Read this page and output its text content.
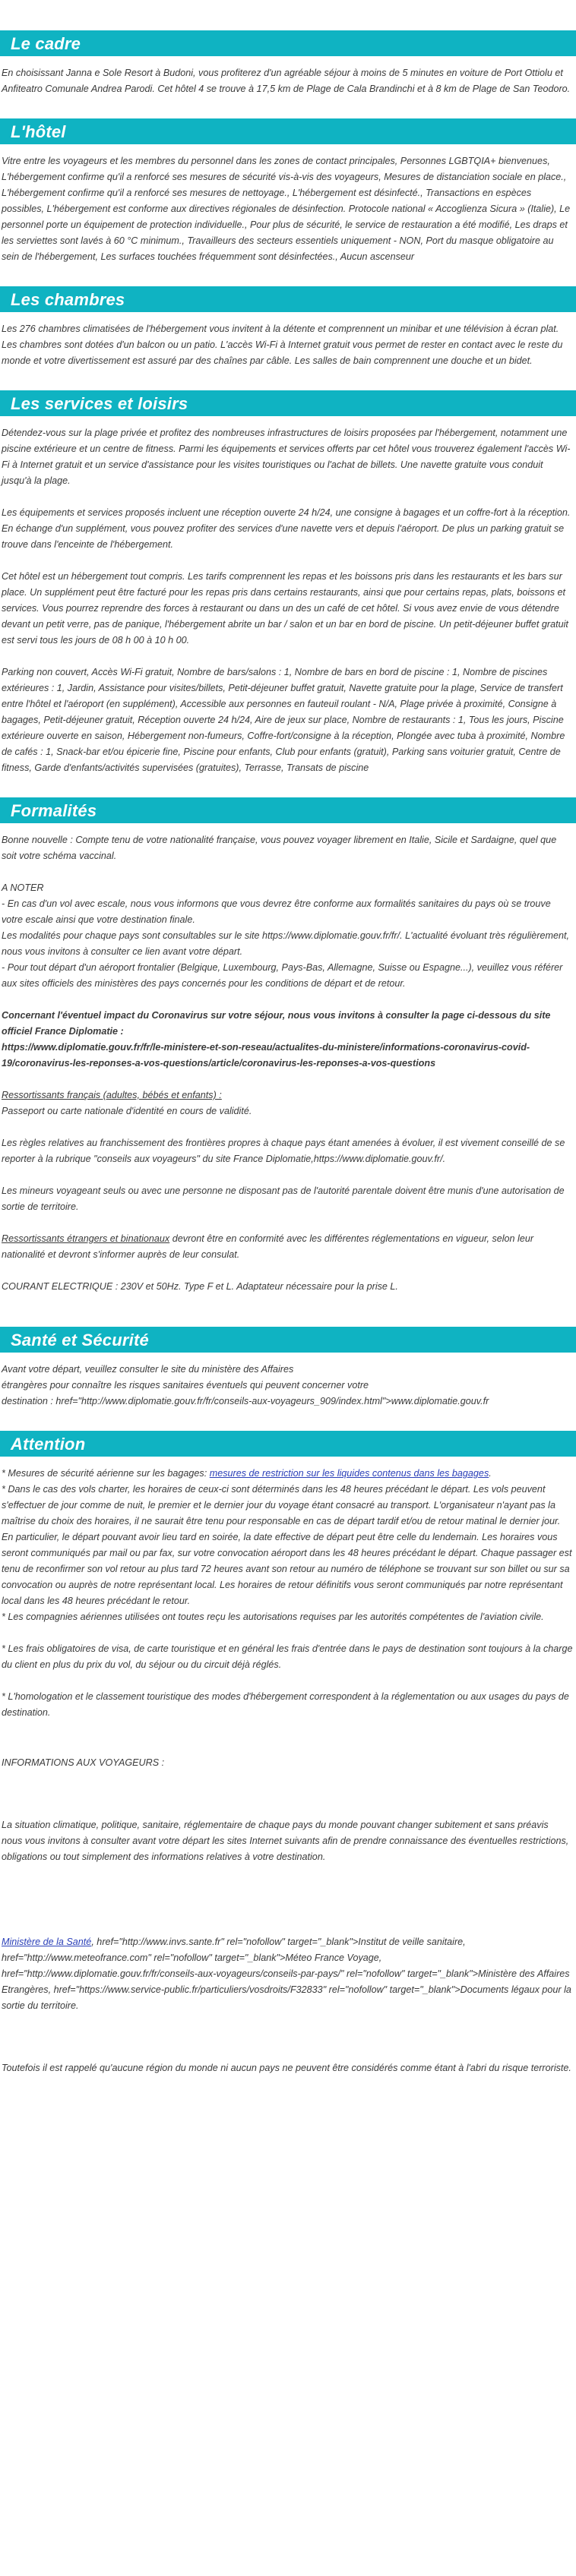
Le cadre

En choisissant Janna e Sole Resort à Budoni, vous profiterez d'un agréable séjour à moins de 5 minutes en voiture de Port Ottiolu et Anfiteatro Comunale Andrea Parodi. Cet hôtel 4 se trouve à 17,5 km de Plage de Cala Brandinchi et à 8 km de Plage de San Teodoro.

L'hôtel

Vitre entre les voyageurs et les membres du personnel dans les zones de contact principales, Personnes LGBTQIA+ bienvenues, L'hébergement confirme qu'il a renforcé ses mesures de sécurité vis-à-vis des voyageurs, Mesures de distanciation sociale en place., L'hébergement confirme qu'il a renforcé ses mesures de nettoyage., L'hébergement est désinfecté., Transactions en espèces possibles, L'hébergement est conforme aux directives régionales de désinfection. Protocole national « Accoglienza Sicura » (Italie), Le personnel porte un équipement de protection individuelle., Pour plus de sécurité, le service de restauration a été modifié, Les draps et les serviettes sont lavés à 60 °C minimum., Travailleurs des secteurs essentiels uniquement - NON, Port du masque obligatoire au sein de l'hébergement, Les surfaces touchées fréquemment sont désinfectées., Aucun ascenseur

Les chambres

Les 276 chambres climatisées de l'hébergement vous invitent à la détente et comprennent un minibar et une télévision à écran plat. Les chambres sont dotées d'un balcon ou un patio. L'accès Wi-Fi à Internet gratuit vous permet de rester en contact avec le reste du monde et votre divertissement est assuré par des chaînes par câble. Les salles de bain comprennent une douche et un bidet.

Les services et loisirs

Détendez-vous sur la plage privée et profitez des nombreuses infrastructures de loisirs proposées par l'hébergement, notamment une piscine extérieure et un centre de fitness. Parmi les équipements et services offerts par cet hôtel vous trouverez également l'accès Wi-Fi à Internet gratuit et un service d'assistance pour les visites touristiques ou l'achat de billets. Une navette gratuite vous conduit jusqu'à la plage.

Les équipements et services proposés incluent une réception ouverte 24 h/24, une consigne à bagages et un coffre-fort à la réception. En échange d'un supplément, vous pouvez profiter des services d'une navette vers et depuis l'aéroport. De plus un parking gratuit se trouve dans l'enceinte de l'hébergement.

Cet hôtel est un hébergement tout compris. Les tarifs comprennent les repas et les boissons pris dans les restaurants et les bars sur place. Un supplément peut être facturé pour les repas pris dans certains restaurants, ainsi que pour certains repas, plats, boissons et services. Vous pourrez reprendre des forces à restaurant ou dans un des un café de cet hôtel. Si vous avez envie de vous détendre devant un petit verre, pas de panique, l'hébergement abrite un bar / salon et un bar en bord de piscine. Un petit-déjeuner buffet gratuit est servi tous les jours de 08 h 00 à 10 h 00.

Parking non couvert, Accès Wi-Fi gratuit, Nombre de bars/salons : 1, Nombre de bars en bord de piscine : 1, Nombre de piscines extérieures : 1, Jardin, Assistance pour visites/billets, Petit-déjeuner buffet gratuit, Navette gratuite pour la plage, Service de transfert entre l'hôtel et l'aéroport (en supplément), Accessible aux personnes en fauteuil roulant - N/A, Plage privée à proximité, Consigne à bagages, Petit-déjeuner gratuit, Réception ouverte 24 h/24, Aire de jeux sur place, Nombre de restaurants : 1, Tous les jours, Piscine extérieure ouverte en saison, Hébergement non-fumeurs, Coffre-fort/consigne à la réception, Plongée avec tuba à proximité, Nombre de cafés : 1, Snack-bar et/ou épicerie fine, Piscine pour enfants, Club pour enfants (gratuit), Parking sans voiturier gratuit, Centre de fitness, Garde d'enfants/activités supervisées (gratuites), Terrasse, Transats de piscine

Formalités

Bonne nouvelle : Compte tenu de votre nationalité française, vous pouvez voyager librement en Italie, Sicile et Sardaigne, quel que soit votre schéma vaccinal.

A NOTER
- En cas d'un vol avec escale, nous vous informons que vous devrez être conforme aux formalités sanitaires du pays où se trouve votre escale ainsi que votre destination finale.
Les modalités pour chaque pays sont consultables sur le site https://www.diplomatie.gouv.fr/fr/. L'actualité évoluant très régulièrement, nous vous invitons à consulter ce lien avant votre départ.
- Pour tout départ d'un aéroport frontalier (Belgique, Luxembourg, Pays-Bas, Allemagne, Suisse ou Espagne...), veuillez vous référer aux sites officiels des ministères des pays concernés pour les conditions de départ et de retour.

Concernant l'éventuel impact du Coronavirus sur votre séjour, nous vous invitons à consulter la page ci-dessous du site officiel France Diplomatie :
https://www.diplomatie.gouv.fr/fr/le-ministere-et-son-reseau/actualites-du-ministere/informations-coronavirus-covid-19/coronavirus-les-reponses-a-vos-questions/article/coronavirus-les-reponses-a-vos-questions

Ressortissants français (adultes, bébés et enfants) :
Passeport ou carte nationale d'identité en cours de validité.

Les règles relatives au franchissement des frontières propres à chaque pays étant amenées à évoluer, il est vivement conseillé de se reporter à la rubrique "conseils aux voyageurs" du site France Diplomatie,https://www.diplomatie.gouv.fr/.

Les mineurs voyageant seuls ou avec une personne ne disposant pas de l'autorité parentale doivent être munis d'une autorisation de sortie de territoire.

Ressortissants étrangers et binationaux devront être en conformité avec les différentes réglementations en vigueur, selon leur nationalité et devront s'informer auprès de leur consulat.

COURANT ELECTRIQUE : 230V et 50Hz. Type F et L. Adaptateur nécessaire pour la prise L.

Santé et Sécurité

Avant votre départ, veuillez consulter le site du ministère des Affaires
étrangères pour connaître les risques sanitaires éventuels qui peuvent concerner votre
destination : href="http://www.diplomatie.gouv.fr/fr/conseils-aux-voyageurs_909/index.html">www.diplomatie.gouv.fr

Attention

* Mesures de sécurité aérienne sur les bagages: mesures de restriction sur les liquides contenus dans les bagages.
* Dans le cas des vols charter, les horaires de ceux-ci sont déterminés dans les 48 heures précédant le départ. Les vols peuvent s'effectuer de jour comme de nuit, le premier et le dernier jour du voyage étant consacré au transport. L'organisateur n'ayant pas la maîtrise du choix des horaires, il ne saurait être tenu pour responsable en cas de départ tardif et/ou de retour matinal le dernier jour. En particulier, le départ pouvant avoir lieu tard en soirée, la date effective de départ peut être celle du lendemain. Les horaires vous seront communiqués par mail ou par fax, sur votre convocation aéroport dans les 48 heures précédant le départ. Chaque passager est tenu de reconfirmer son vol retour au plus tard 72 heures avant son retour au numéro de téléphone se trouvant sur son billet ou sur sa convocation ou auprès de notre représentant local. Les horaires de retour définitifs vous seront communiqués par notre représentant local dans les 48 heures précédant le retour.
* Les compagnies aériennes utilisées ont toutes reçu les autorisations requises par les autorités compétentes de l'aviation civile.

* Les frais obligatoires de visa, de carte touristique et en général les frais d'entrée dans le pays de destination sont toujours à la charge du client en plus du prix du vol, du séjour ou du circuit déjà réglés.

* L'homologation et le classement touristique des modes d'hébergement correspondent à la réglementation ou aux usages du pays de destination.

INFORMATIONS AUX VOYAGEURS :

La situation climatique, politique, sanitaire, réglementaire de chaque pays du monde pouvant changer subitement et sans préavis
nous vous invitons à consulter avant votre départ les sites Internet suivants afin de prendre connaissance des éventuelles restrictions, obligations ou tout simplement des informations relatives à votre destination.

Ministère de la Santé, href="http://www.invs.sante.fr" rel="nofollow" target="_blank">Institut de veille sanitaire, href="http://www.meteofrance.com" rel="nofollow" target="_blank">Méteo France Voyage, href="http://www.diplomatie.gouv.fr/fr/conseils-aux-voyageurs/conseils-par-pays/" rel="nofollow" target="_blank">Ministère des Affaires Etrangères, href="https://www.service-public.fr/particuliers/vosdroits/F32833" rel="nofollow" target="_blank">Documents légaux pour la sortie du territoire.

Toutefois il est rappelé qu'aucune région du monde ni aucun pays ne peuvent être considérés comme étant à l'abri du risque terroriste.
